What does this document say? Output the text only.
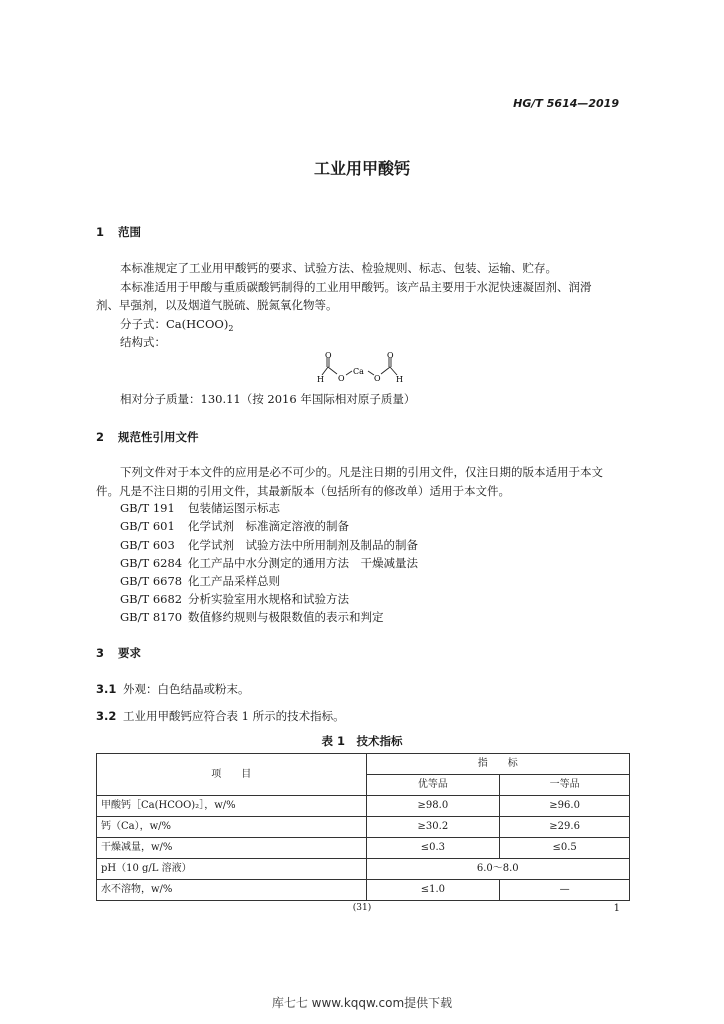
HG/T 5614—2019
工业用甲酸钙
1 范围
本标准规定了工业用甲酸钙的要求、试验方法、检验规则、标志、包装、运输、贮存。
本标准适用于甲酸与重质碳酸钙制得的工业用甲酸钙。该产品主要用于水泥快速凝固剂、润滑
剂、早强剂，以及烟道气脱硫、脱氮氧化物等。
分子式：$Ca(HCOO)_2$
结构式：
O
H O
Ca
O
O
H
相对分子质量：130.11（按 2016 年国际相对原子质量）
2 规范性引用文件
下列文件对于本文件的应用是必不可少的。凡是注日期的引用文件，仅注日期的版本适用于本文
件。凡是不注日期的引用文件，其最新版本（包括所有的修改单）适用于本文件。
GB/T 191 包装储运图示标志
GB/T 601 化学试剂　标准滴定溶液的制备
GB/T 603 化学试剂　试验方法中所用制剂及制品的制备
GB/T 6284 化工产品中水分测定的通用方法　干燥减量法
GB/T 6678 化工产品采样总则
GB/T 6682 分析实验室用水规格和试验方法
GB/T 8170 数值修约规则与极限数值的表示和判定
3 要求
3.1 外观：白色结晶或粉末。
3.2 工业用甲酸钙应符合表 1 所示的技术指标。
表 1　技术指标
项　　目	指　　标	
	优等品	一等品
甲酸钙［Ca(HCOO)₂］，w/%	≥98.0	≥96.0
钙（Ca），w/%	≥30.2	≥29.6
干燥减量，w/%	≤0.3	≤0.5
pH（10 g/L 溶液）	6.0～8.0	
水不溶物，w/%	≤1.0	—
(31)	1
库七七 www.kqqw.com提供下载
